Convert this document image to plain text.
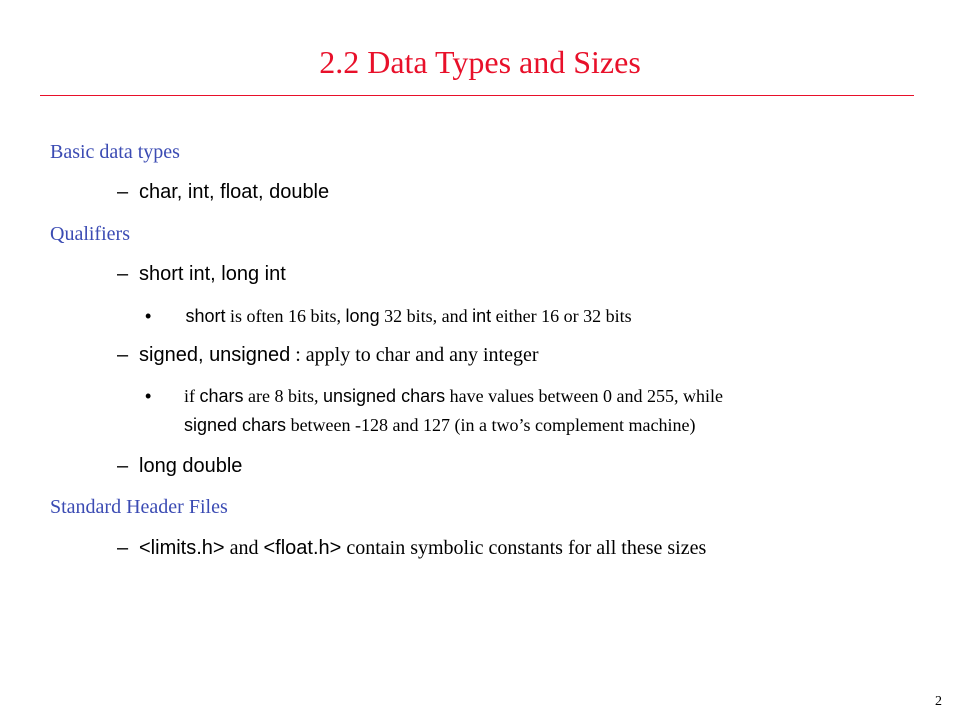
2.2 Data Types and Sizes
Basic data types
– char, int, float, double
Qualifiers
– short int, long int
•
  short is often 16 bits, long 32 bits, and int either 16 or 32 bits
– signed, unsigned : apply to char and any integer
• if chars are 8 bits, unsigned chars have values between 0 and 255, while
signed chars between -128 and 127 (in a two’s complement machine)
– long double
Standard Header Files
– <limits.h> and <float.h> contain symbolic constants for all these sizes
2
